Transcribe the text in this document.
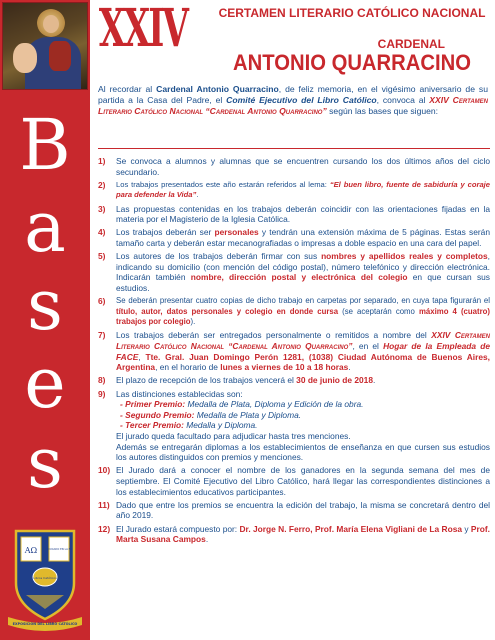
B
a
s
e
s
ΑΩ	EDUCADO EN LA FE
Libros Católicos
EXPOSICIÓN DEL LIBRO CATÓLICO
XXIV	CERTAMEN LITERARIO CATÓLICO NACIONAL
CARDENAL
ANTONIO QUARRACINO
Al recordar al Cardenal Antonio Quarracino, de feliz memoria, en el vigésimo aniversario de su partida a la Casa del Padre, el Comité Ejecutivo del Libro Católico, convoca al XXIV Certamen Literario Católico Nacional “Cardenal Antonio Quarracino” según las bases que siguen:
1)	Se convoca a alumnos y alumnas que se encuentren cursando los dos últimos años del ciclo secundario.
2)	Los trabajos presentados este año estarán referidos al lema: “El buen libro, fuente de sabiduría y coraje para defender la Vida”.
3)	Las propuestas contenidas en los trabajos deberán coincidir con las orientaciones fijadas en la materia por el Magisterio de la Iglesia Católica.
4)	Los trabajos deberán ser personales y tendrán una extensión máxima de 5 páginas. Estas serán tamaño carta y deberán estar mecanografiadas o impresas a doble espacio en una cara del papel.
5)	Los autores de los trabajos deberán firmar con sus nombres y apellidos reales y completos, indicando su domicilio (con mención del código postal), número telefónico y dirección electrónica. Indicarán también nombre, dirección postal y electrónica del colegio en que cursan sus estudios.
6)	Se deberán presentar cuatro copias de dicho trabajo en carpetas por separado, en cuya tapa figurarán el título, autor, datos personales y colegio en donde cursa (se aceptarán como máximo 4 (cuatro) trabajos por colegio).
7)	Los trabajos deberán ser entregados personalmente o remitidos a nombre del XXIV Certamen Literario Católico Nacional “Cardenal Antonio Quarracino”, en el Hogar de la Empleada de FACE, Tte. Gral. Juan Domingo Perón 1281, (1038) Ciudad Autónoma de Buenos Aires, Argentina, en el horario de lunes a viernes de 10 a 18 horas.
8)	El plazo de recepción de los trabajos vencerá el 30 de junio de 2018.
9)	Las distinciones establecidas son:
- Primer Premio: Medalla de Plata, Diploma y Edición de la obra.
- Segundo Premio: Medalla de Plata y Diploma.
- Tercer Premio: Medalla y Diploma.
El jurado queda facultado para adjudicar hasta tres menciones.
Además se entregarán diplomas a los establecimientos de enseñanza en que cursen sus estudios los autores distinguidos con premios y menciones.
10) El Jurado dará a conocer el nombre de los ganadores en la segunda semana del mes de septiembre. El Comité Ejecutivo del Libro Católico, hará llegar las correspondientes distinciones a los establecimientos educativos participantes.
11) Dado que entre los premios se encuentra la edición del trabajo, la misma se concretará dentro del año 2019.
12) El Jurado estará compuesto por: Dr. Jorge N. Ferro, Prof. María Elena Vigliani de La Rosa y Prof. Marta Susana Campos.
